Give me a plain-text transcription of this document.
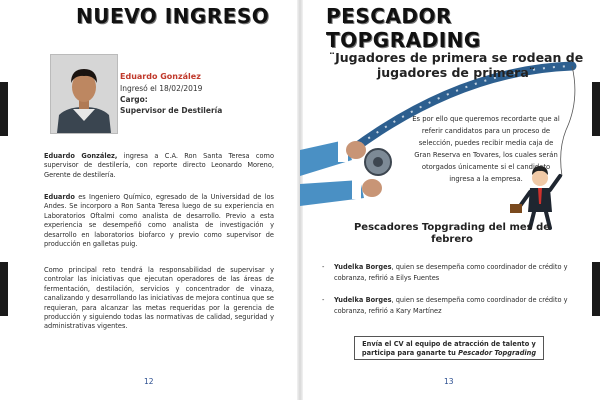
NUEVO INGRESO
Eduardo González
Ingresó el 18/02/2019
Cargo:
Supervisor de Destilería
Eduardo González, ingresa a C.A. Ron Santa Teresa como supervisor de destilería, con reporte directo Leonardo Moreno, Gerente de destilería.
Eduardo es Ingeniero Químico, egresado de la Universidad de los Andes. Se incorporo a Ron Santa Teresa luego de su experiencia en Laboratorios Oftalmi como analista de desarrollo. Previo a esta experiencia se desempeñó como analista de investigación y desarrollo en laboratorios biofarco y previo como supervisor de producción en galletas puig.
Como principal reto tendrá la responsabilidad de supervisar y controlar las iniciativas que ejecutan operadores de las áreas de fermentación, destilación, servicios y concentrador de vinaza, canalizando y desarrollando las iniciativas de mejora continua que se requieran, para alcanzar las metas requeridas por la gerencia de producción y siguiendo todas las normativas de calidad, seguridad y administrativas vigentes.
12
PESCADOR TOPGRADING
¨Jugadores de primera se rodean de jugadores de primera¨
Es por ello que queremos recordarte que al referir candidatos para un proceso de selección, puedes recibir media caja de Gran Reserva en Tovares, los cuales serán otorgados únicamente si el candidato ingresa a la empresa.
Pescadores Topgrading del mes de febrero
- Yudelka Borges, quien se desempeña como coordinador de crédito y cobranza, refirió a Eilys Fuentes
- Yudelka Borges, quien se desempeña como coordinador de crédito y cobranza, refirió a Kary Martínez
Envía el CV al equipo de atracción de talento y
participa para ganarte tu Pescador Topgrading
13
